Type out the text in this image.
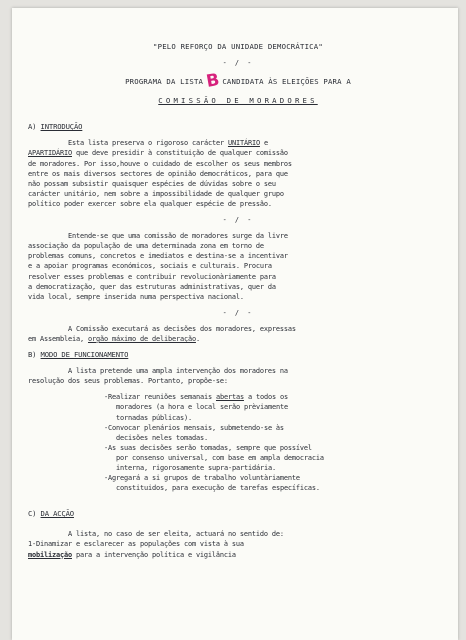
"PELO REFORÇO DA UNIDADE DEMOCRÁTICA"
- / -
PROGRAMA DA LISTA BCANDIDATA ÀS ELEIÇÕES PARA A
COMISSÃO DE MORADORES
A) INTRODUÇÃO
Esta lista preserva o rigoroso carácter UNITÁRIO e
APARTIDÁRIO que deve presidir à constituição de qualquer comissão
de moradores. Por isso,houve o cuidado de escolher os seus membros
entre os mais diversos sectores de opinião democráticos, para que
não possam subsistir quaisquer espécies de dúvidas sobre o seu
carácter unitário, nem sobre a impossibilidade de qualquer grupo
político poder exercer sobre ela qualquer espécie de pressão.
- / -
Entende-se que uma comissão de moradores surge da livre
associação da população de uma determinada zona em torno de
problemas comuns, concretos e imediatos e destina-se a incentivar
e a apoiar programas económicos, sociais e culturais. Procura
resolver esses problemas e contribuir revolucionàriamente para
a democratização, quer das estruturas administrativas, quer da
vida local, sempre inserida numa perspectiva nacional.
- / -
A Comissão executará as decisões dos moradores, expressas
em Assembleia, orgão máximo de deliberação.
B) MODO DE FUNCIONAMENTO
A lista pretende uma ampla intervenção dos moradores na
resolução dos seus problemas. Portanto, propõe-se:
-Realizar reuniões semanais abertas a todos os
moradores (a hora e local serão prèviamente
tornadas públicas).
-Convocar plenários mensais, submetendo-se às
decisões neles tomadas.
-As suas decisões serão tomadas, sempre que possível
por consenso universal, com base em ampla democracia
interna, rigorosamente supra-partidária.
-Agregará a si grupos de trabalho voluntàriamente
constituidos, para execução de tarefas específicas.
C) DA ACÇÃO
A lista, no caso de ser eleita, actuará no sentido de:
1-Dinamizar e esclarecer as populações com vista à sua
mobilização para a intervenção política e vigilância
